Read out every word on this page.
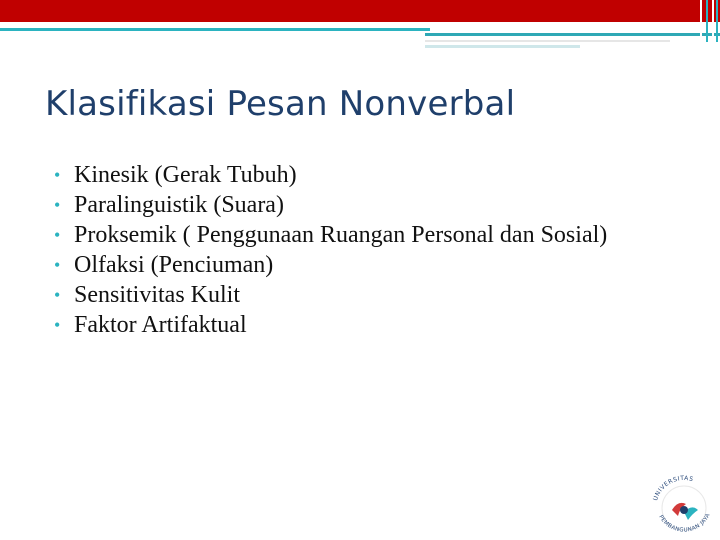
Klasifikasi Pesan Nonverbal
• Kinesik (Gerak Tubuh)
• Paralinguistik (Suara)
• Proksemik ( Penggunaan Ruangan Personal dan Sosial)
• Olfaksi (Penciuman)
• Sensitivitas Kulit
• Faktor Artifaktual
UNIVERSITAS
PEMBANGUNAN JAYA
